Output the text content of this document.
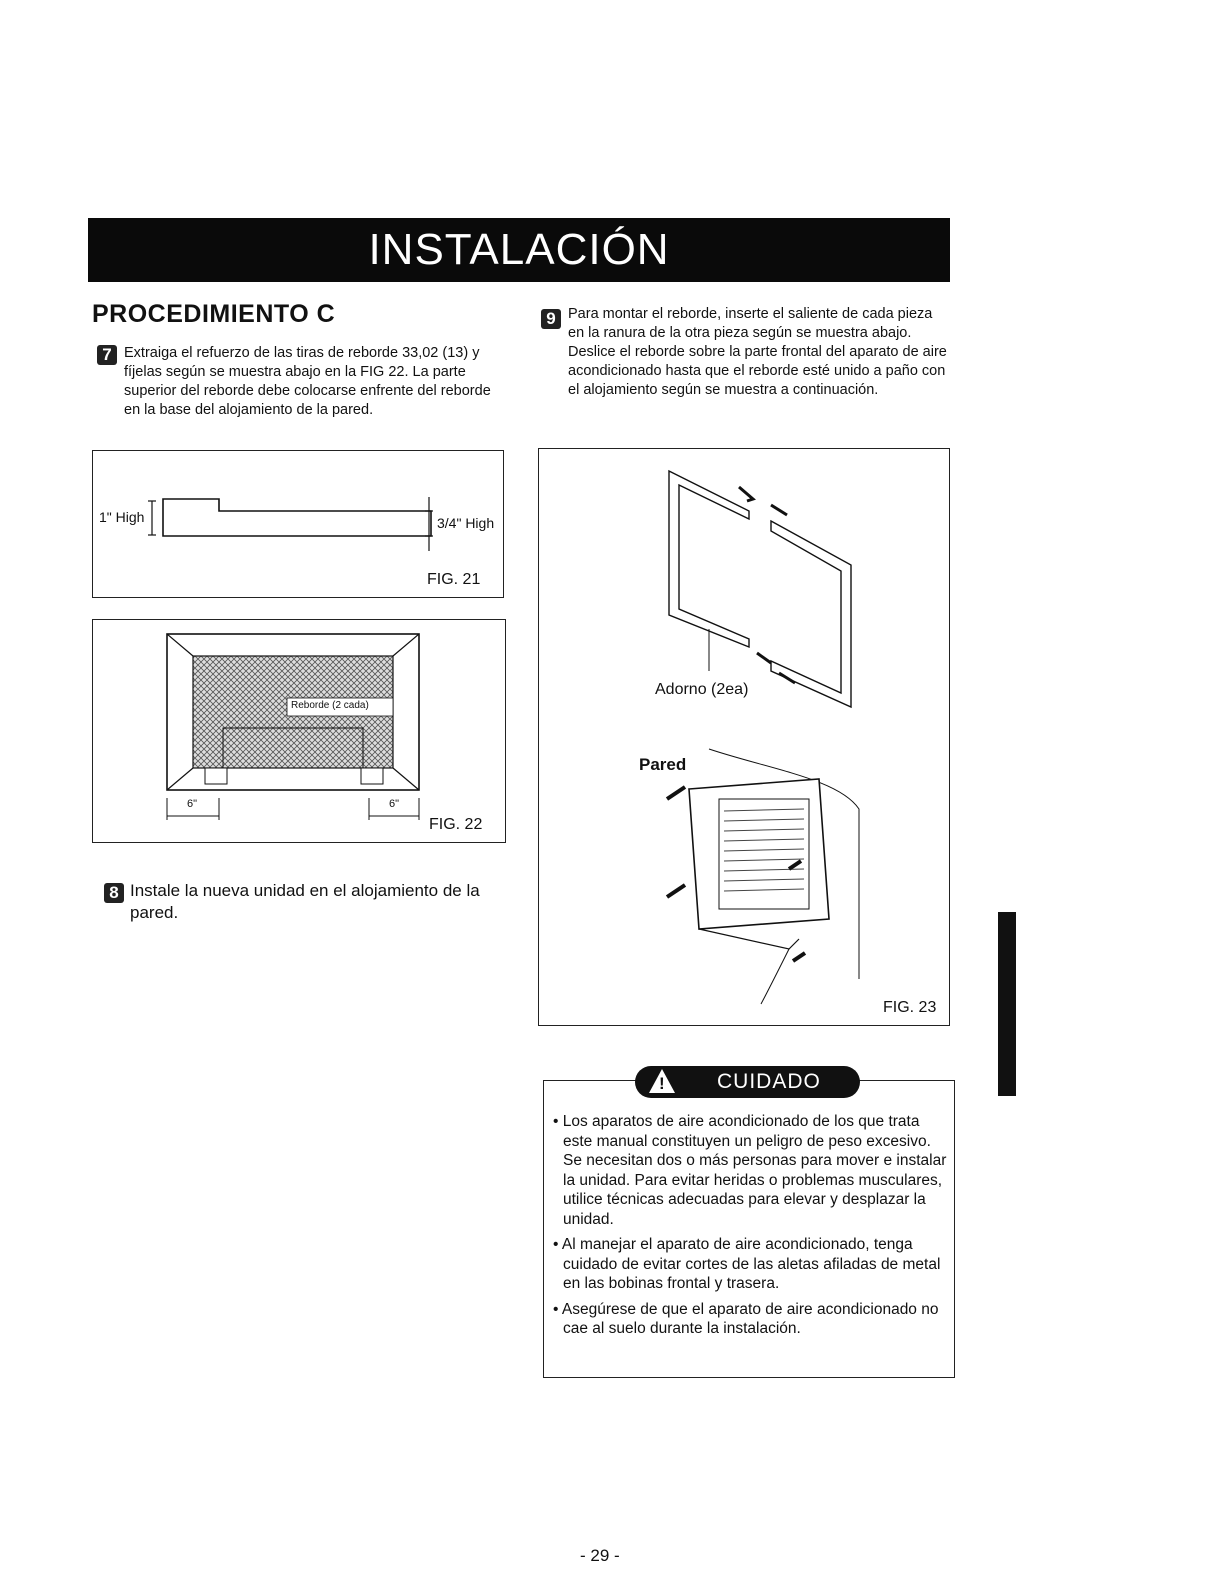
INSTALACIÓN
PROCEDIMIENTO C
7 Extraiga el refuerzo de las tiras de reborde 33,02 (13) y fíjelas según se muestra abajo en la FIG 22. La parte superior del reborde debe colocarse enfrente del reborde en la base del alojamiento de la pared.
1" High	3/4" High
FIG. 21
Reborde (2 cada)
6"	6"
FIG. 22
8 Instale la nueva unidad en el alojamiento de la pared.
9 Para montar el reborde, inserte el saliente de cada pieza en la ranura de la otra pieza según se muestra abajo. Deslice el reborde sobre la parte frontal del aparato de aire acondicionado hasta que el reborde esté unido a paño con el alojamiento según se muestra a continuación.
Adorno (2ea)
Pared
FIG. 23
! CUIDADO

• Los aparatos de aire acondicionado de los que trata este manual constituyen un peligro de peso excesivo. Se necesitan dos o más personas para mover e instalar la unidad. Para evitar heridas o problemas musculares, utilice técnicas adecuadas para elevar y desplazar la unidad.

• Al manejar el aparato de aire acondicionado, tenga cuidado de evitar cortes de las aletas afiladas de metal en las bobinas frontal y trasera.

• Asegúrese de que el aparato de aire acondicionado no cae al suelo durante la instalación.

- 29 -
